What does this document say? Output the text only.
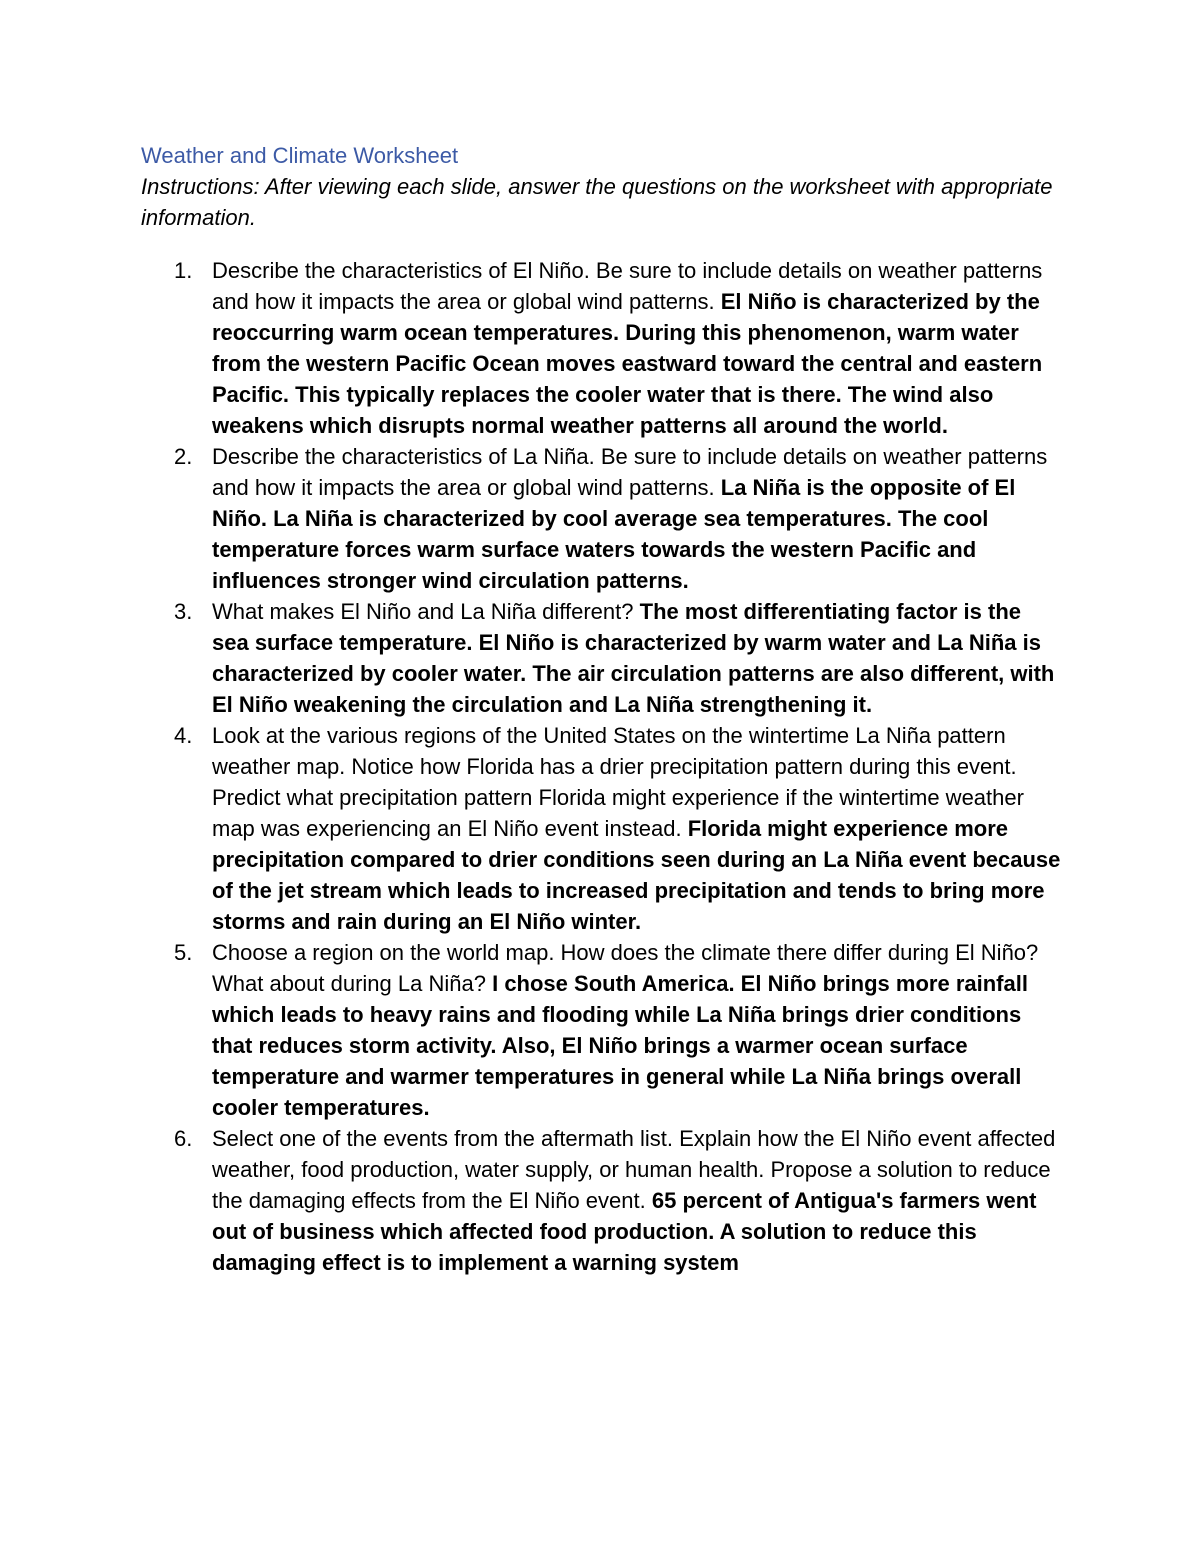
Weather and Climate Worksheet

Instructions: After viewing each slide, answer the questions on the worksheet with appropriate information.

1. Describe the characteristics of El Niño. Be sure to include details on weather patterns and how it impacts the area or global wind patterns. El Niño is characterized by the reoccurring warm ocean temperatures. During this phenomenon, warm water from the western Pacific Ocean moves eastward toward the central and eastern Pacific. This typically replaces the cooler water that is there. The wind also weakens which disrupts normal weather patterns all around the world.
2. Describe the characteristics of La Niña. Be sure to include details on weather patterns and how it impacts the area or global wind patterns. La Niña is the opposite of El Niño. La Niña is characterized by cool average sea temperatures. The cool temperature forces warm surface waters towards the western Pacific and influences stronger wind circulation patterns.
3. What makes El Niño and La Niña different? The most differentiating factor is the sea surface temperature. El Niño is characterized by warm water and La Niña is characterized by cooler water. The air circulation patterns are also different, with El Niño weakening the circulation and La Niña strengthening it.
4. Look at the various regions of the United States on the wintertime La Niña pattern weather map. Notice how Florida has a drier precipitation pattern during this event. Predict what precipitation pattern Florida might experience if the wintertime weather map was experiencing an El Niño event instead. Florida might experience more precipitation compared to drier conditions seen during an La Niña event because of the jet stream which leads to increased precipitation and tends to bring more storms and rain during an El Niño winter.
5. Choose a region on the world map. How does the climate there differ during El Niño? What about during La Niña? I chose South America. El Niño brings more rainfall which leads to heavy rains and flooding while La Niña brings drier conditions that reduces storm activity. Also, El Niño brings a warmer ocean surface temperature and warmer temperatures in general while La Niña brings overall cooler temperatures.
6. Select one of the events from the aftermath list. Explain how the El Niño event affected weather, food production, water supply, or human health. Propose a solution to reduce the damaging effects from the El Niño event. 65 percent of Antigua's farmers went out of business which affected food production. A solution to reduce this damaging effect is to implement a warning system
